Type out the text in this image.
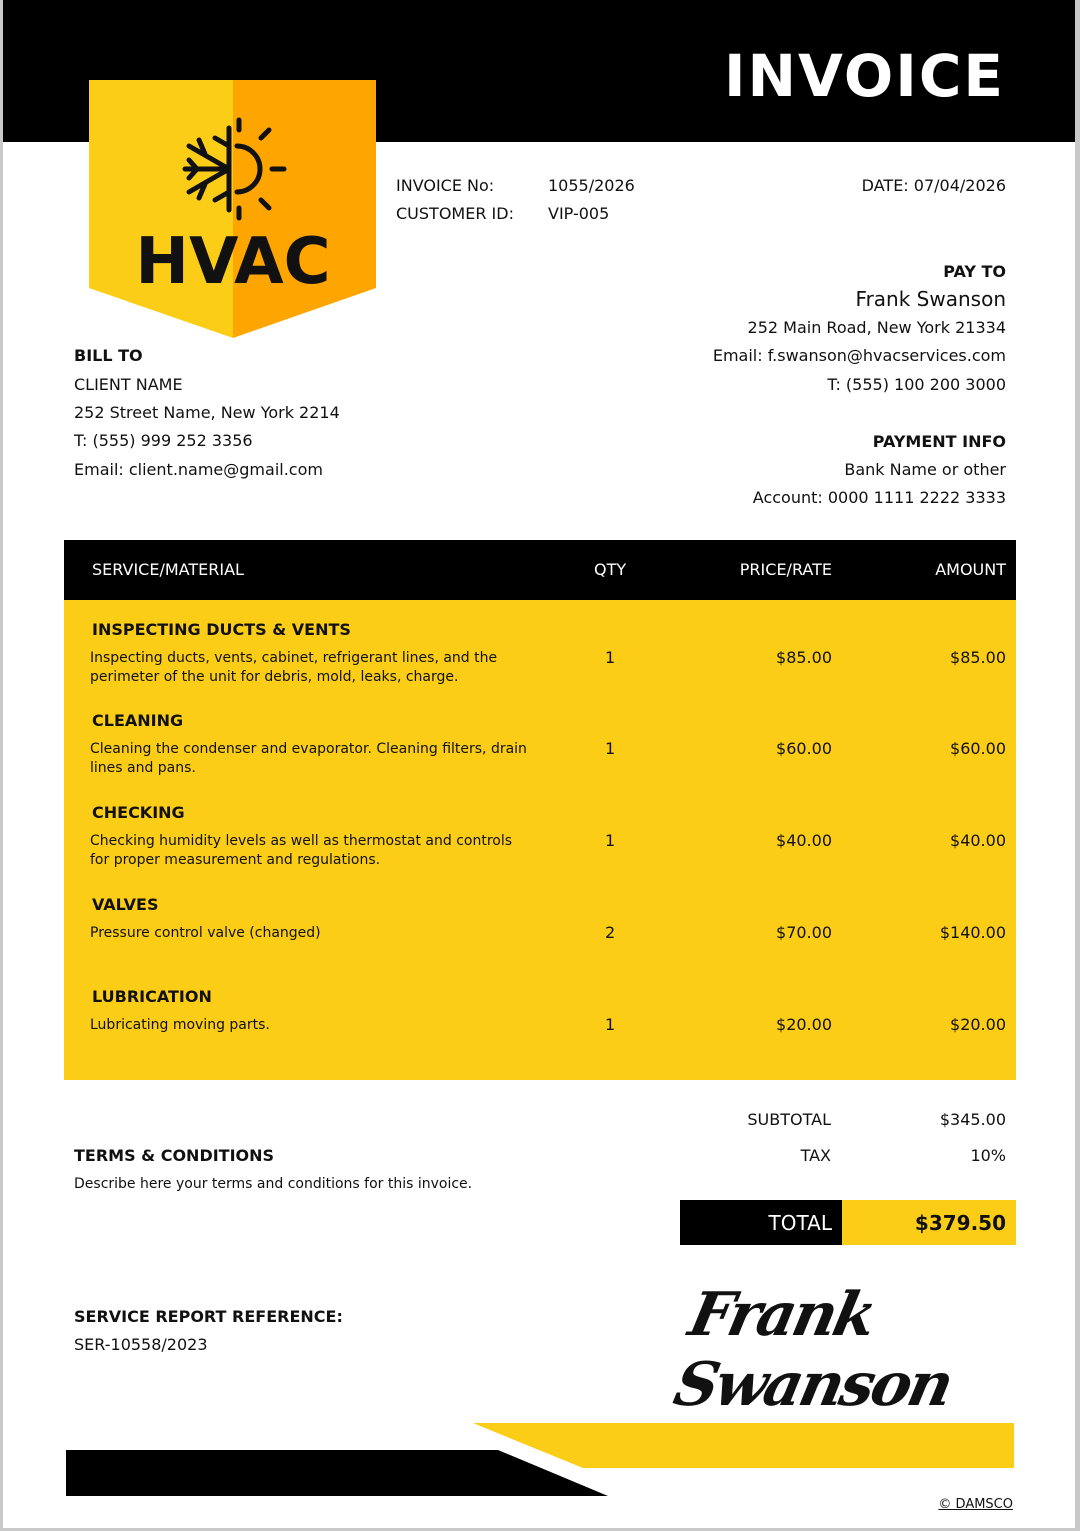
INVOICE
HVAC
INVOICE No:	1055/2026
CUSTOMER ID: VIP-005
DATE: 07/04/2026
PAY TO
Frank Swanson
252 Main Road, New York 21334
Email: f.swanson@hvacservices.com
T: (555) 100 200 3000
PAYMENT INFO
Bank Name or other
Account: 0000 1111 2222 3333
BILL TO
CLIENT NAME
252 Street Name, New York 2214
T: (555) 999 252 3356
Email: client.name@gmail.com
SERVICE/MATERIAL	QTY	PRICE/RATE	AMOUNT
INSPECTING DUCTS & VENTS
Inspecting ducts, vents, cabinet, refrigerant lines, and the perimeter of the unit for debris, mold, leaks, charge.
1	$85.00	$85.00
CLEANING
Cleaning the condenser and evaporator. Cleaning filters, drain lines and pans.
1	$60.00	$60.00
CHECKING
Checking humidity levels as well as thermostat and controls for proper measurement and regulations.
1	$40.00	$40.00
VALVES
Pressure control valve (changed)	2	$70.00	$140.00
LUBRICATION
Lubricating moving parts.	1	$20.00	$20.00
SUBTOTAL	$345.00
TAX	10%
TOTAL	$379.50
TERMS & CONDITIONS
Describe here your terms and conditions for this invoice.
SERVICE REPORT REFERENCE:
SER-10558/2023	Frank Swanson
© DAMSCO
